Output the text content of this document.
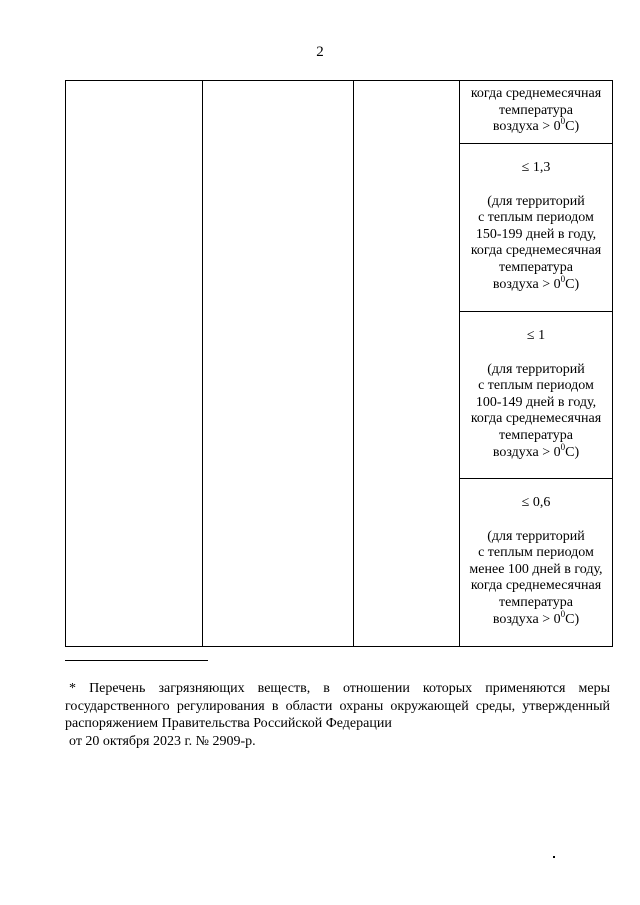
2

когда среднемесячная
температура
воздуха > $0^0С$)

≤ 1,3
(для территорий
с теплым периодом
150-199 дней в году,
когда среднемесячная
температура
воздуха > $0^0С$)

≤ 1
(для территорий
с теплым периодом
100-149 дней в году,
когда среднемесячная
температура
воздуха > $0^0С$)

≤ 0,6
(для территорий
с теплым периодом
менее 100 дней в году,
когда среднемесячная
температура
воздуха > $0^0С$)
* Перечень загрязняющих веществ, в отношении которых применяются меры государственного регулирования в области охраны окружающей среды, утвержденный распоряжением Правительства Российской Федерации
от 20 октября 2023 г. № 2909-р.
